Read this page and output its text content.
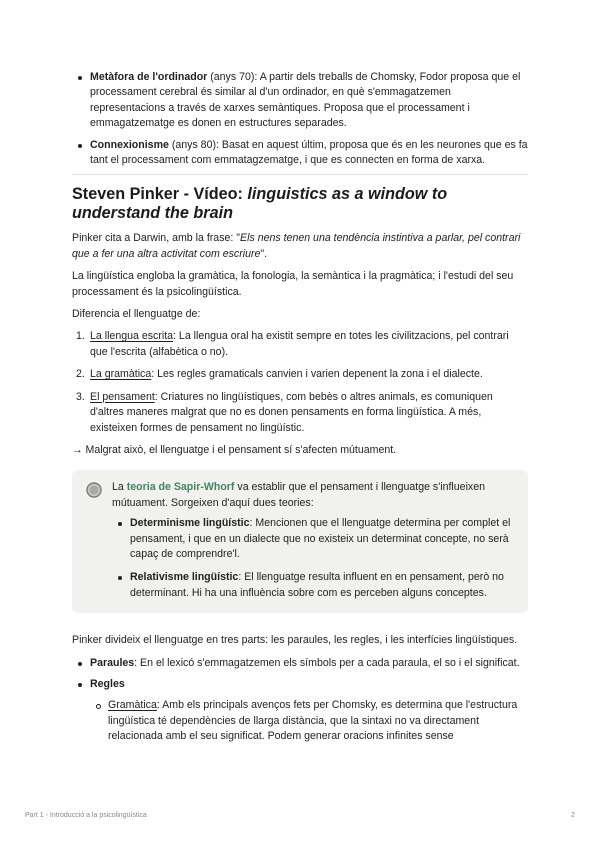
Metàfora de l'ordinador (anys 70): A partir dels treballs de Chomsky, Fodor proposa que el processament cerebral és similar al d'un ordinador, en què s'emmagatzemen representacions a través de xarxes semàntiques. Proposa que el processament i emmagatzematge es donen en estructures separades.
Connexionisme (anys 80): Basat en aquest últim, proposa que és en les neurones que es fa tant el processament com emmatagzematge, i que es connecten en forma de xarxa.
Steven Pinker - Vídeo: linguistics as a window to understand the brain

Pinker cita a Darwin, amb la frase: "Els nens tenen una tendència instintiva a parlar, pel contrari que a fer una altra activitat com escriure".

La lingüística engloba la gramàtica, la fonologia, la semàntica i la pragmàtica; i l'estudi del seu processament és la psicolingüística.

Diferencia el llenguatge de:

1. La llengua escrita: La llengua oral ha existit sempre en totes les civilitzacions, pel contrari que l'escrita (alfabètica o no).
2. La gramàtica: Les regles gramaticals canvien i varien depenent la zona i el dialecte.
3. El pensament: Criatures no lingüístiques, com bebès o altres animals, es comuniquen d'altres maneres malgrat que no es donen pensaments en forma lingüística. A més, existeixen formes de pensament no lingüístic.

→ Malgrat això, el llenguatge i el pensament sí s'afecten mútuament.

La teoria de Sapir-Whorf va establir que el pensament i llenguatge s'influeixen mútuament. Sorgeixen d'aquí dues teories:

Determinisme lingüístic: Mencionen que el llenguatge determina per complet el pensament, i que en un dialecte que no existeix un determinat concepte, no serà capaç de comprendre'l.
Relativisme lingüístic: El llenguatge resulta influent en en pensament, però no determinant. Hi ha una influència sobre com es perceben alguns conceptes.

Pinker divideix el llenguatge en tres parts: les paraules, les regles, i les interfícies lingüístiques.

Paraules: En el lexicó s'emmagatzemen els símbols per a cada paraula, el so i el significat.
Regles
Gramàtica: Amb els principals avenços fets per Chomsky, es determina que l'estructura lingüística té dependències de llarga distància, que la sintaxi no va directament relacionada amb el seu significat. Podem generar oracions infinites sense
Part 1 - Introducció a la psicolingüística	2
